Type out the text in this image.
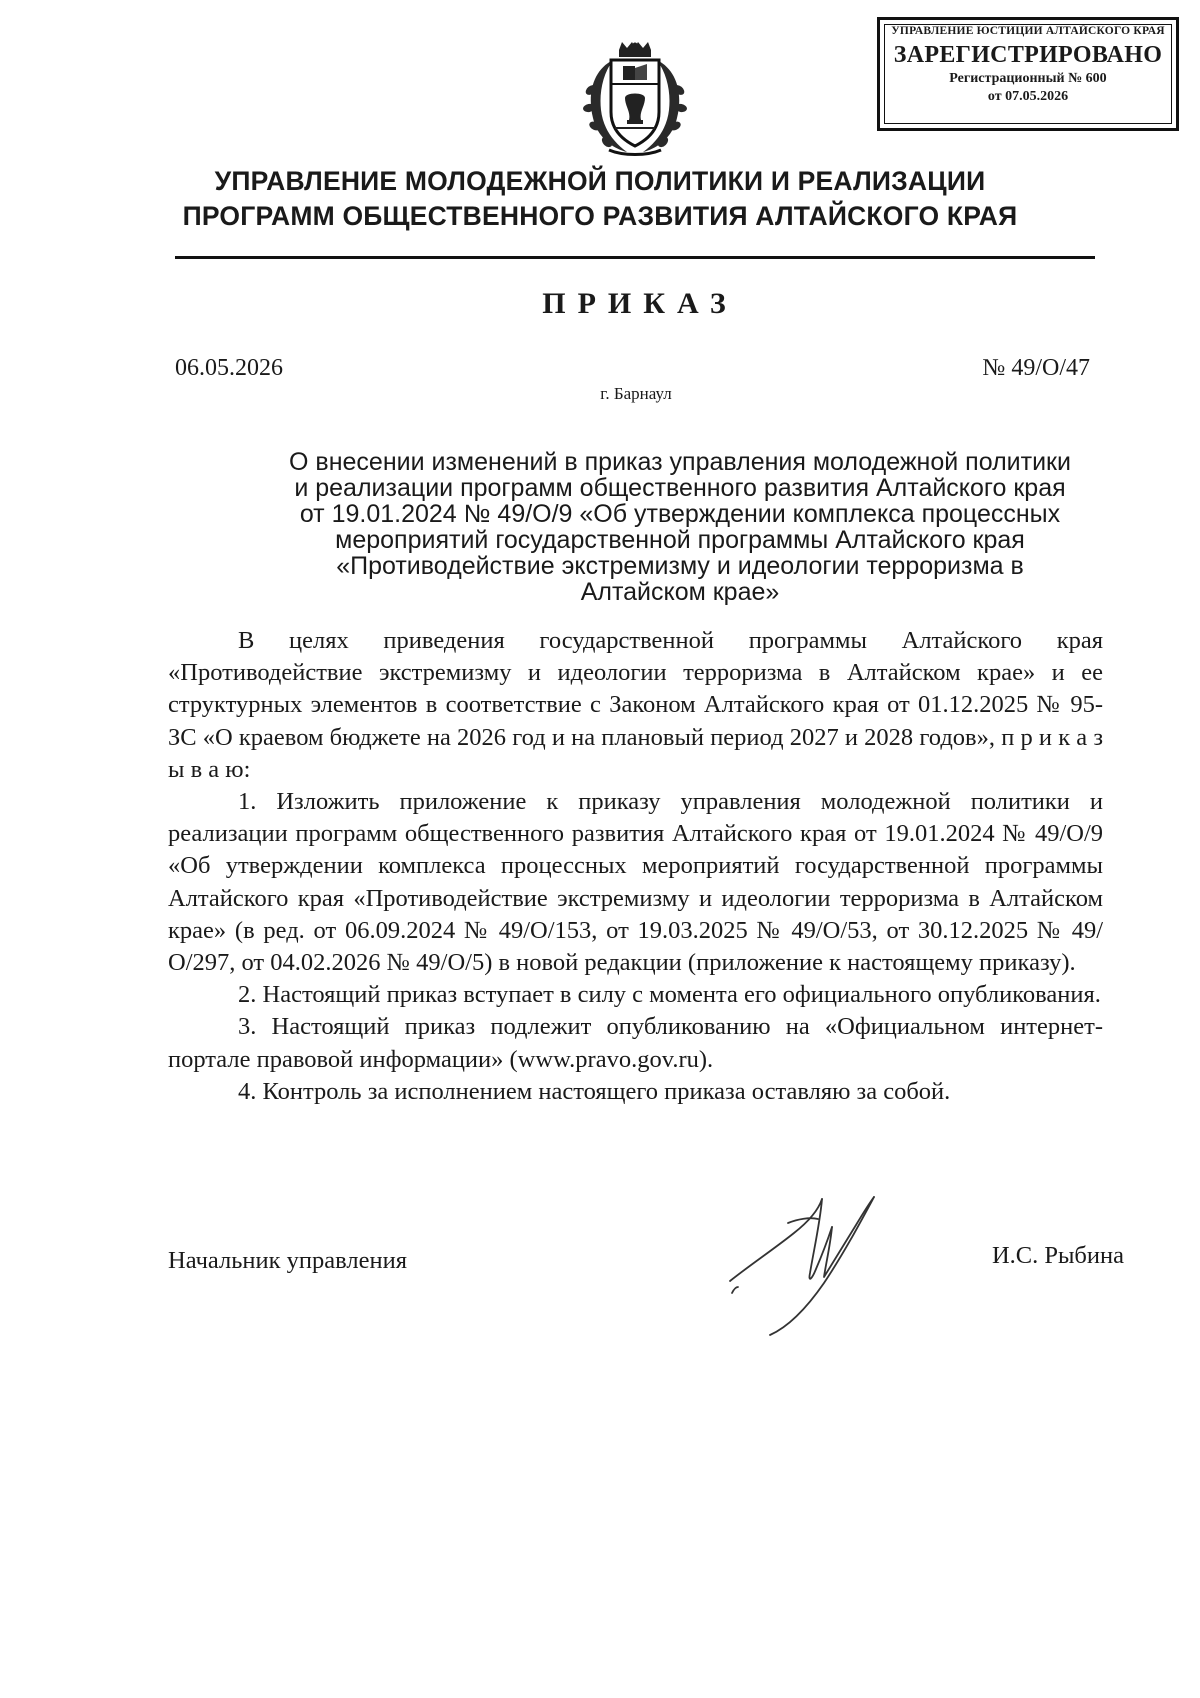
УПРАВЛЕНИЕ ЮСТИЦИИ АЛТАЙСКОГО КРАЯ
ЗАРЕГИСТРИРОВАНО
Регистрационный № 600
от 07.05.2026
УПРАВЛЕНИЕ МОЛОДЕЖНОЙ ПОЛИТИКИ И РЕАЛИЗАЦИИ
ПРОГРАММ ОБЩЕСТВЕННОГО РАЗВИТИЯ АЛТАЙСКОГО КРАЯ
ПРИКАЗ
06.05.2026	№ 49/О/47
г. Барнаул
О внесении изменений в приказ управления молодежной политики и реализации программ общественного развития Алтайского края от 19.01.2024 № 49/О/9 «Об утверждении комплекса процессных мероприятий государственной программы Алтайского края «Противодействие экстремизму и идеологии терроризма в Алтайском крае»

В целях приведения государственной программы Алтайского края «Противодействие экстремизму и идеологии терроризма в Алтайском крае» и ее структурных элементов в соответствие с Законом Алтайского края от 01.12.2025 № 95-ЗС «О краевом бюджете на 2026 год и на плановый период 2027 и 2028 годов», п р и к а з ы в а ю:

1. Изложить приложение к приказу управления молодежной политики и реализации программ общественного развития Алтайского края от 19.01.2024 № 49/О/9 «Об утверждении комплекса процессных мероприятий государственной программы Алтайского края «Противодействие экстремизму и идеологии терроризма в Алтайском крае» (в ред. от 06.09.2024 № 49/О/153, от 19.03.2025 № 49/О/53, от 30.12.2025 № 49/О/297, от 04.02.2026 № 49/О/5) в новой редакции (приложение к настоящему приказу).

2. Настоящий приказ вступает в силу с момента его официального опубликования.

3. Настоящий приказ подлежит опубликованию на «Официальном интернет-портале правовой информации» (www.pravo.gov.ru).

4. Контроль за исполнением настоящего приказа оставляю за собой.

Начальник управления	И.С. Рыбина
